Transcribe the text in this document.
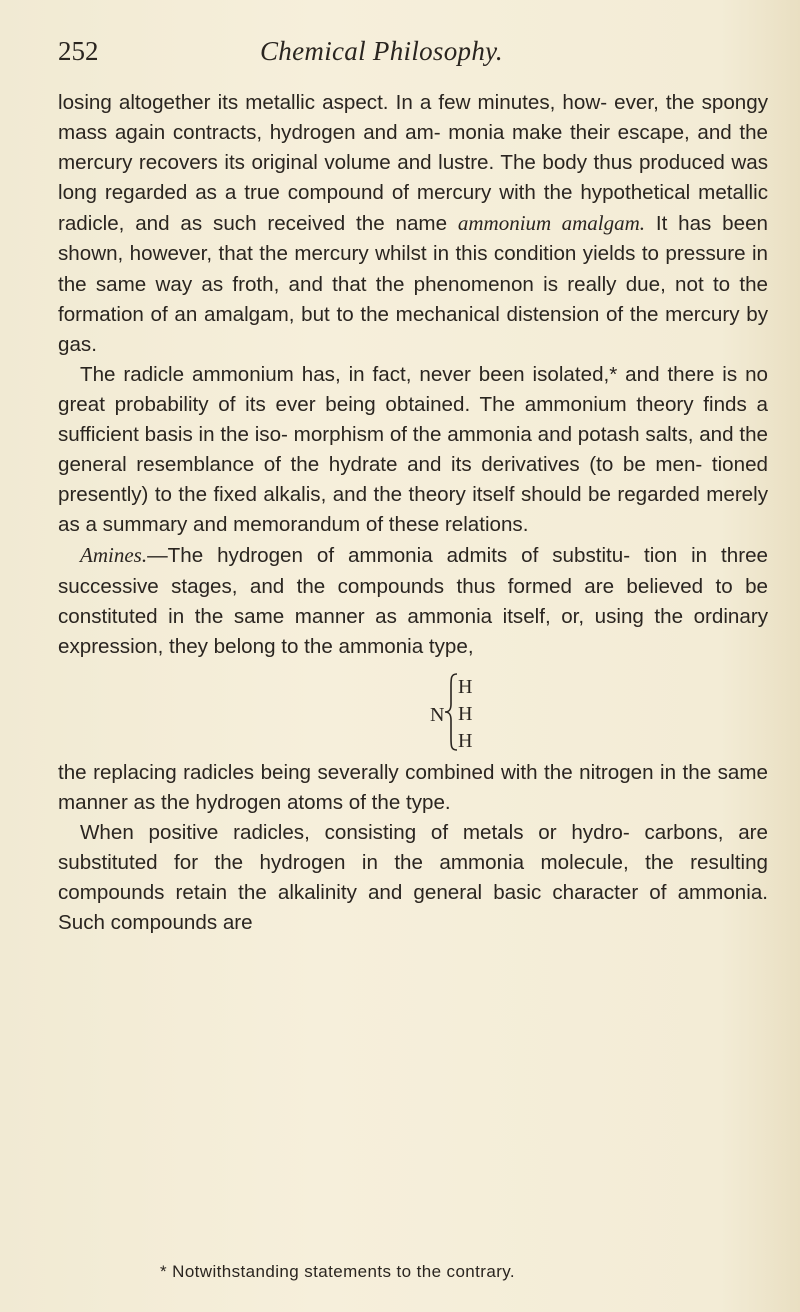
252	Chemical Philosophy.

losing altogether its metallic aspect. In a few minutes, how- ever, the spongy mass again contracts, hydrogen and am- monia make their escape, and the mercury recovers its original volume and lustre. The body thus produced was long regarded as a true compound of mercury with the hypothetical metallic radicle, and as such received the name ammonium amalgam. It has been shown, however, that the mercury whilst in this condition yields to pressure in the same way as froth, and that the phenomenon is really due, not to the formation of an amalgam, but to the mechanical distension of the mercury by gas.

The radicle ammonium has, in fact, never been isolated,* and there is no great probability of its ever being obtained. The ammonium theory finds a sufficient basis in the iso- morphism of the ammonia and potash salts, and the general resemblance of the hydrate and its derivatives (to be men- tioned presently) to the fixed alkalis, and the theory itself should be regarded merely as a summary and memorandum of these relations.

Amines.—The hydrogen of ammonia admits of substitu- tion in three successive stages, and the compounds thus formed are believed to be constituted in the same manner as ammonia itself, or, using the ordinary expression, they belong to the ammonia type,

N
H
H
H

the replacing radicles being severally combined with the nitrogen in the same manner as the hydrogen atoms of the type.

When positive radicles, consisting of metals or hydro- carbons, are substituted for the hydrogen in the ammonia molecule, the resulting compounds retain the alkalinity and general basic character of ammonia. Such compounds are

* Notwithstanding statements to the contrary.
